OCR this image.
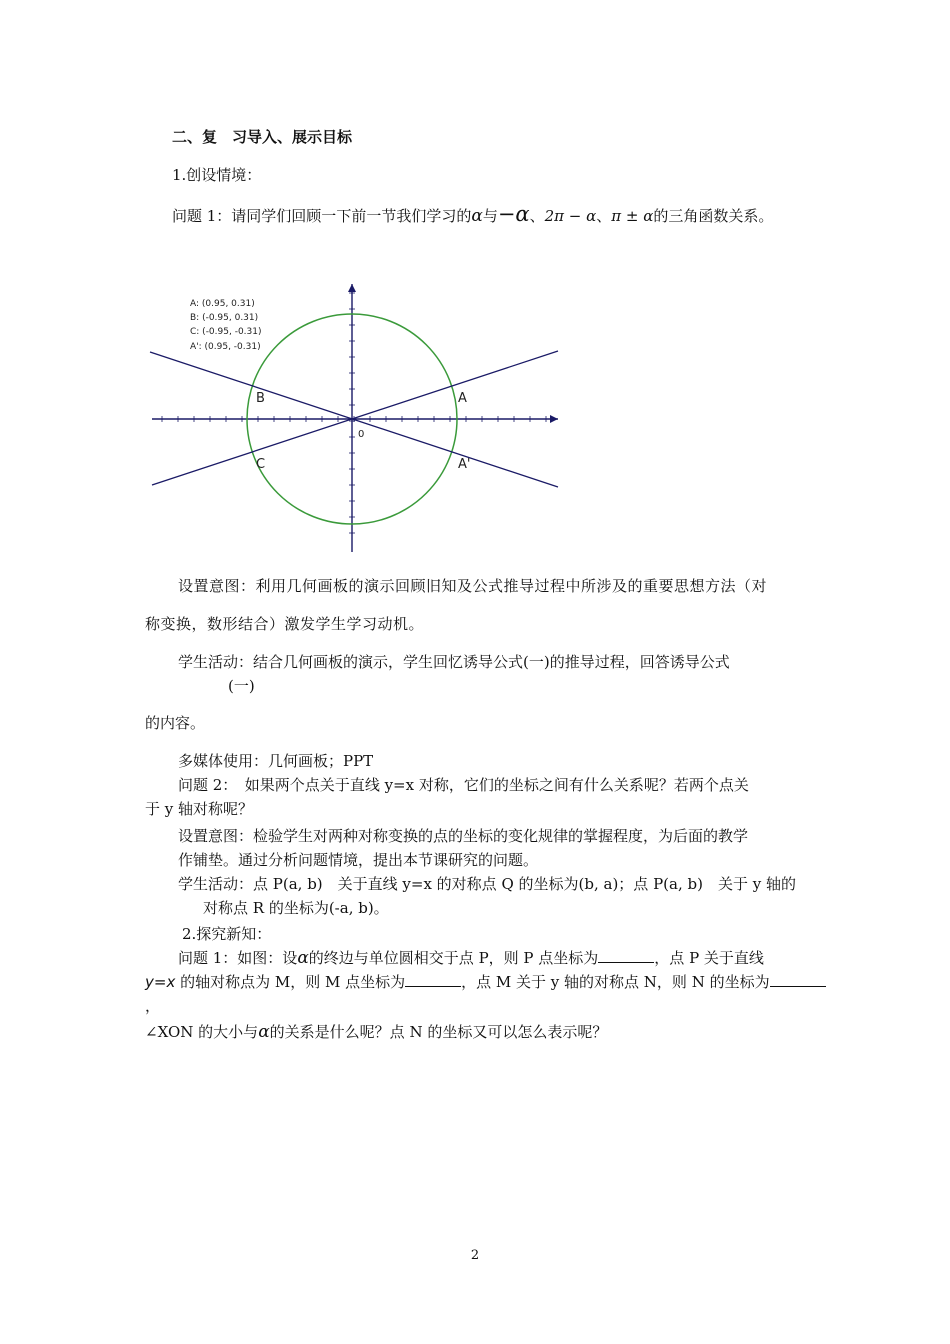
二、复　习导入、展示目标
1.创设情境：
问题 1：请同学们回顾一下前一节我们学习的α与−α、2π − α、π ± α的三角函数关系。
A: (0.95, 0.31)
B: (-0.95, 0.31)
C: (-0.95, -0.31)
A': (0.95, -0.31)
A
B
C	A'
0
设置意图：利用几何画板的演示回顾旧知及公式推导过程中所涉及的重要思想方法（对
称变换，数形结合）激发学生学习动机。
学生活动：结合几何画板的演示，学生回忆诱导公式(一)的推导过程，回答诱导公式
(一)
的内容。
多媒体使用：几何画板；PPT
问题 2：　如果两个点关于直线 y=x 对称，它们的坐标之间有什么关系呢？若两个点关
于 y 轴对称呢？
设置意图：检验学生对两种对称变换的点的坐标的变化规律的掌握程度，为后面的教学
作铺垫。通过分析问题情境，提出本节课研究的问题。
学生活动：点 P(a, b)　关于直线 y=x 的对称点 Q 的坐标为(b, a)；点 P(a, b)　关于 y 轴的
对称点 R 的坐标为(-a, b)。
2.探究新知：
问题 1：如图：设α的终边与单位圆相交于点 P，则 P 点坐标为	，点 P 关于直线
y=x 的轴对称点为 M，则 M 点坐标为	，点 M 关于 y 轴的对称点 N，则 N 的坐标为
，
∠XON 的大小与α的关系是什么呢？点 N 的坐标又可以怎么表示呢？
2
